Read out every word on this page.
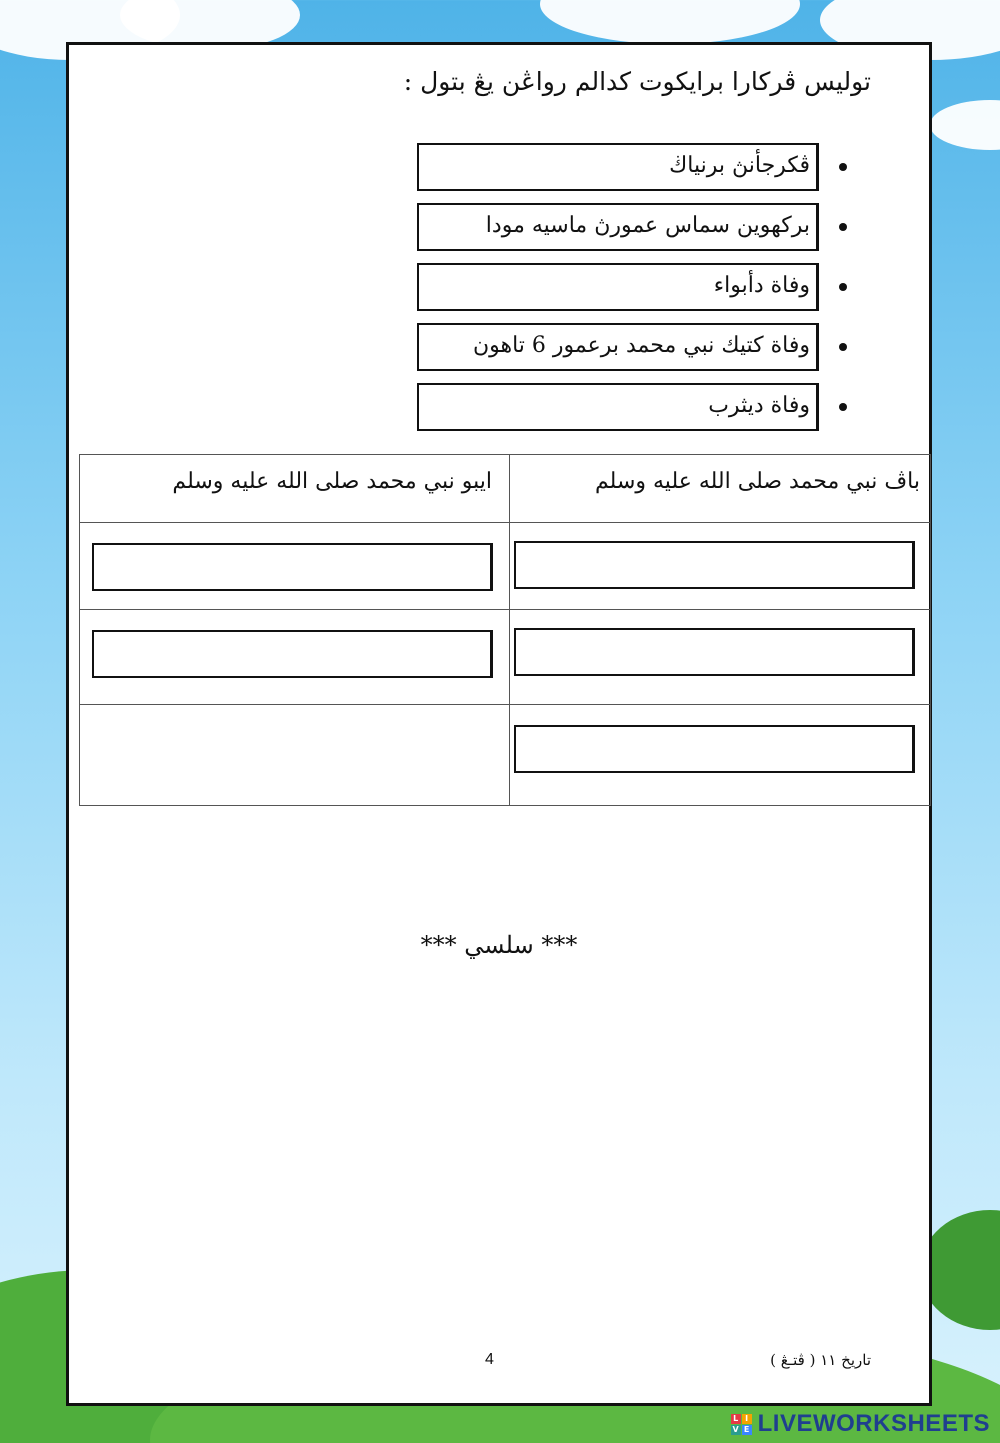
توليس ڤركارا برايكوت كدالم رواڠن يڠ بتول :
ڤكرجأنڽ برنياڬ
بركهوين سماس عمورڽ ماسيه مودا
وفاة دأبواء
وفاة كتيك نبي محمد برعمور 6 تاهون
وفاة ديثرب
باڤ نبي محمد صلى الله عليه وسلم
ايبو نبي محمد صلى الله عليه وسلم
*** سلسي ***
4	تاريخ ١١ ( ڤتـڠ )
L I
V E LIVEWORKSHEETS
